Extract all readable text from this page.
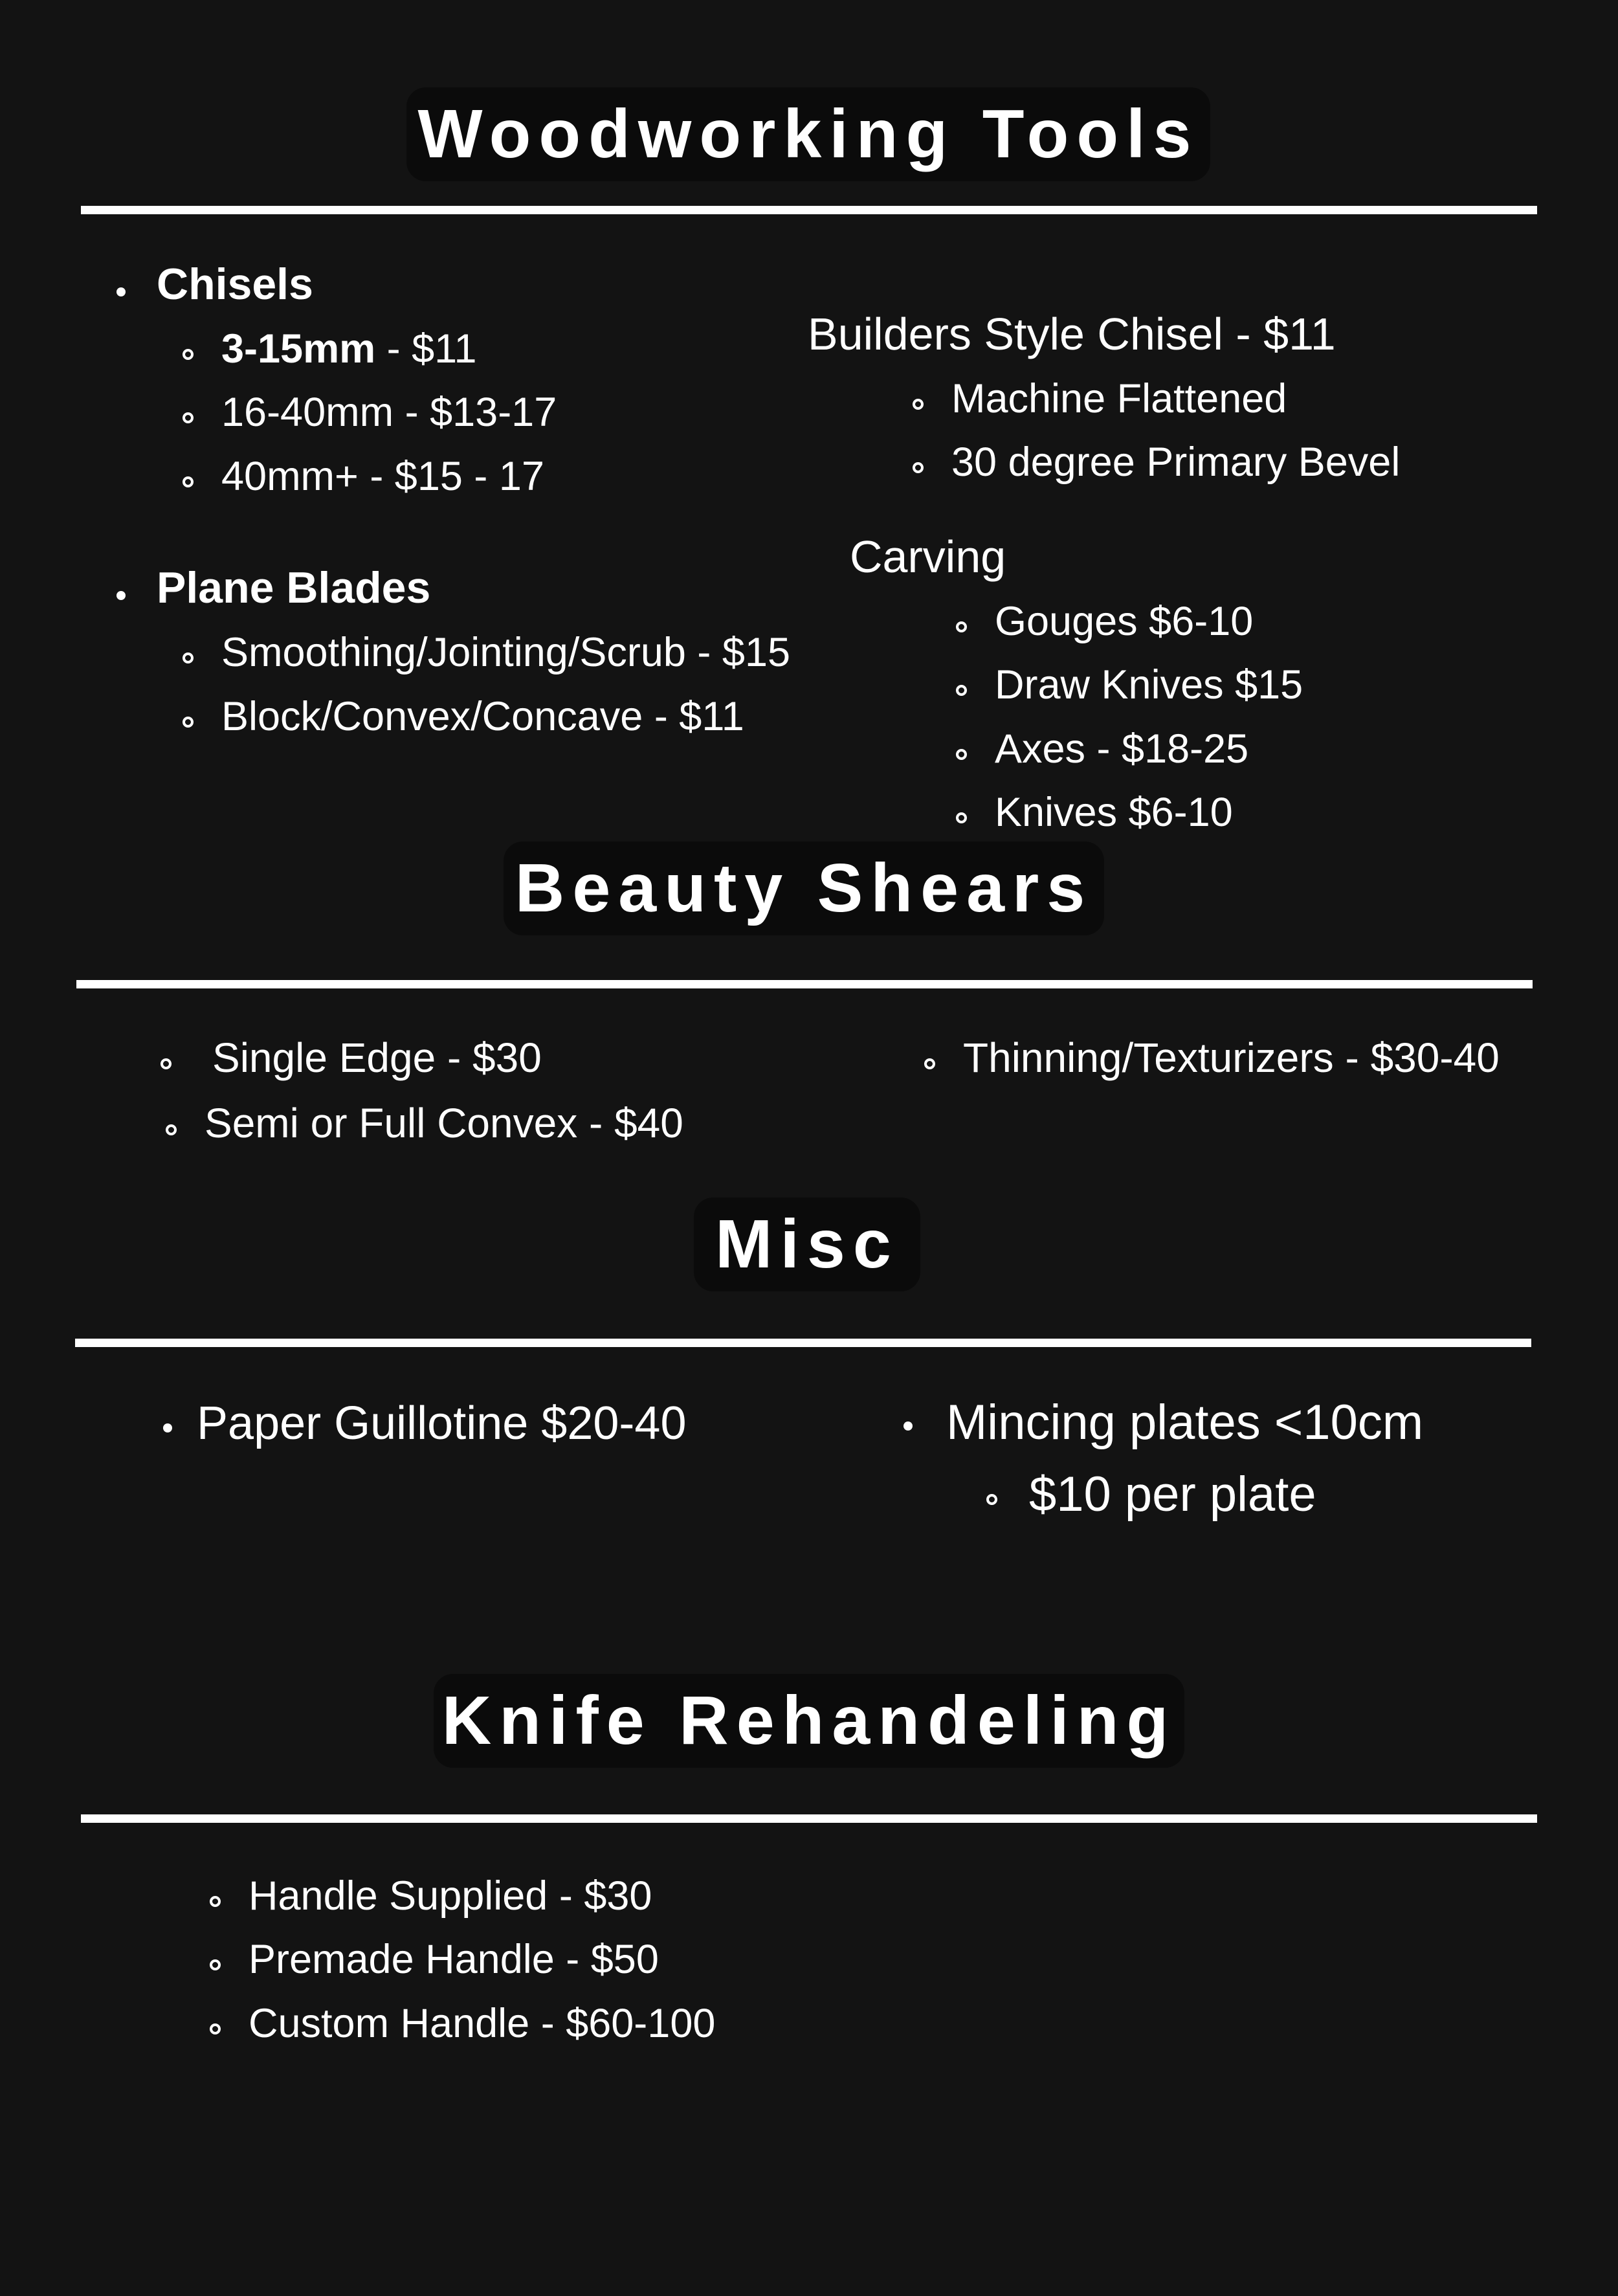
Woodworking Tools
Chisels
3-15mm - $11
16-40mm - $13-17
40mm+ - $15 - 17
Plane Blades
Smoothing/Jointing/Scrub - $15
Block/Convex/Concave - $11
Builders Style Chisel - $11
Machine Flattened
30 degree Primary Bevel
Carving
Gouges $6-10
Draw Knives $15
Axes - $18-25
Knives $6-10
Beauty Shears
Single Edge - $30
Semi or Full Convex - $40
Thinning/Texturizers - $30-40
Misc
Paper Guillotine $20-40	Mincing plates <10cm
$10 per plate
Knife Rehandeling
Handle Supplied - $30
Premade Handle - $50
Custom Handle - $60-100
